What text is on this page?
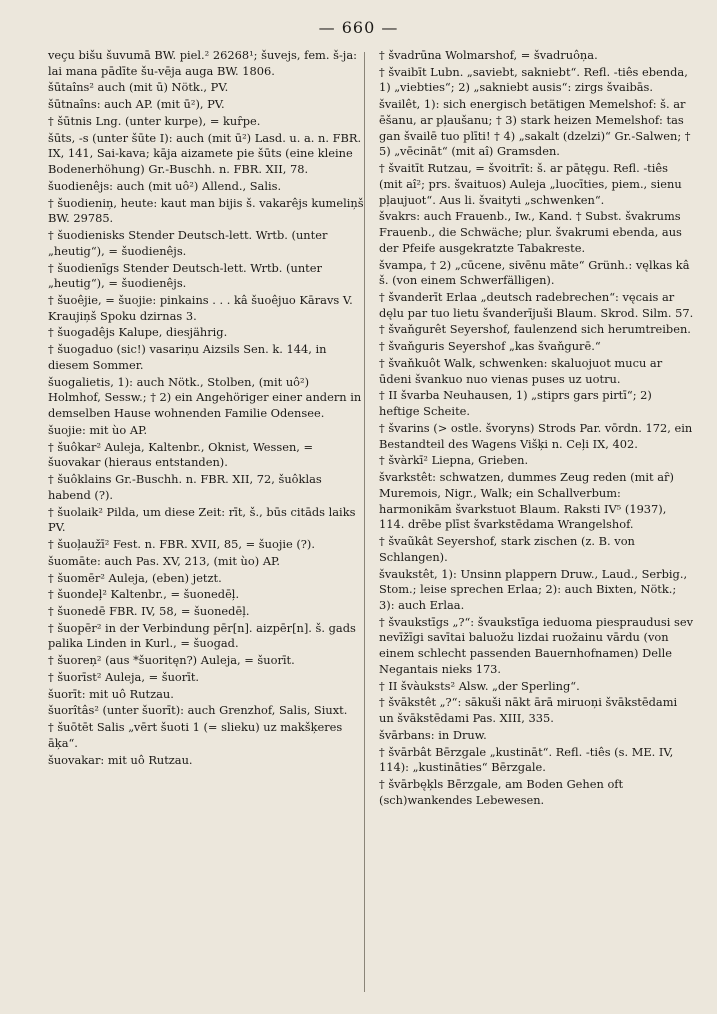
— 660 —

veçu bišu šuvumā BW. piel.² 26268¹; šuvejs, fem. š-ja: lai mana pādīte šu-vēja auga BW. 1806.

šūtaîns² auch (mit ū) Nötk., PV.

šūtnaîns: auch AP. (mit ū²), PV.

† šūtnis Lng. (unter kurpe), = kuȓpe.

šūts, -s (unter šūte I): auch (mit ū²) Lasd. u. a. n. FBR. IX, 141, Sai-kava; kāja aizamete pie šūts (eine kleine Bodenerhöhung) Gr.-Buschh. n. FBR. XII, 78.

šuodienêjs: auch (mit uô²) Allend., Salis.

† šuodieniņ, heute: kaut man bijis š. vakarêjs kumeliņš BW. 29785.

† šuodienisks Stender Deutsch-lett. Wrtb. (unter „heutig“), = šuodienêjs.

† šuodienīgs Stender Deutsch-lett. Wrtb. (unter „heutig“), = šuodienêjs.

† šuoêjie, = šuojie: pinkains . . . kâ šuoêjuo Kāravs V. Krauјiņš Spoku dzirnas 3.

† šuogadêjs Kalupe, diesjährig.

† šuogaduo (sic!) vasariņu Aizsils Sen. k. 144, in diesem Sommer.

šuogalietis, 1): auch Nötk., Stolben, (mit uô²) Holmhof, Sessw.; † 2) ein Angehöriger einer andern in demselben Hause wohnenden Familie Odensee.

šuojie: mit ùo AP.

† šuôkar² Auleja, Kaltenbr., Oknist, Wessen, = šuovakar (hieraus entstanden).

† šuôklains Gr.-Buschh. n. FBR. XII, 72, šuôklas habend (?).

† šuolaik² Pilda, um diese Zeit: rīt, š., būs citāds laiks PV.

† šuoļaužī² Fest. n. FBR. XVII, 85, = šuojie (?).

šuomāte: auch Pas. XV, 213, (mit ùo) AP.

† šuomēr² Auleja, (eben) jetzt.

† šuondeļ² Kaltenbr., = šuonedēļ.

† šuonedē FBR. IV, 58, = šuonedēļ.

† šuopēr² in der Verbindung pēr[n]. aizpēr[n]. š. gads palika Linden in Kurl., = šuogad.

† šuoreņ² (aus *šuoritęn?) Auleja, = šuorīt.

† šuorīst² Auleja, = šuorīt.

šuorīt: mit uô Rutzau.

šuorîtâs² (unter šuorīt): auch Grenzhof, Salis, Siuxt.

† šuōtēt Salis „vērt šuoti 1 (= slieku) uz makšķeres āķa“.

šuovakar: mit uô Rutzau.

† švadrūna Wolmarshof, = švadruôņa.

† švaibīt Lubn. „saviebt, sakniebt“. Refl. -tiês ebenda, 1) „viebties“; 2) „sakniebt ausis“: zirgs švaibās.

švailêt, 1): sich energisch betätigen Memelshof: š. ar ēšanu, ar pļaušanu; † 3) stark heizen Memelshof: tas gan švailē tuo plīti! † 4) „sakalt (dzelzi)“ Gr.-Salwen; † 5) „vēcināt“ (mit aî) Gramsden.

† švaitīt Rutzau, = švoitrīt: š. ar pātęgu. Refl. -tiês (mit aî²; prs. švaituos) Auleja „luocīties, piem., sienu pļaujuot“. Aus li. švaityti „schwenken“.

švakrs: auch Frauenb., Iw., Kand. † Subst. švakrums Frauenb., die Schwäche; plur. švakrumi ebenda, aus der Pfeife ausgekratzte Tabakreste.

švampa, † 2) „cūcene, sivēnu māte“ Grünh.: vęlkas kâ š. (von einem Schwerfälligen).

† švanderīt Erlaa „deutsch radebrechen“: vęcais ar dęlu par tuo lietu švanderījuši Blaum. Skrod. Silm. 57.

† švaňgurêt Seyershof, faulenzend sich herumtreiben.

† švaňguris Seyershof „kas švaňgurē.“

† švaňkuôt Walk, schwenken: skaluojuot mucu ar ūdeni švankuo nuo vienas puses uz uotru.

† II švarba Neuhausen, 1) „stiprs gars pirtī“; 2) heftige Scheite.

† švarins (> ostle. švoryns) Strods Par. vōrdn. 172, ein Bestandteil des Wagens Višķi n. Ceļi IX, 402.

† švàrkī² Liepna, Grieben.

švarkstêt: schwatzen, dummes Zeug reden (mit aȓ) Muremois, Nigr., Walk; ein Schallverbum: harmonikām švarkstuot Blaum. Raksti IV⁵ (1937), 114. drēbe plīst švarkstēdama Wrangelshof.

† švaũkât Seyershof, stark zischen (z. B. von Schlangen).

švaukstêt, 1): Unsinn plappern Druw., Laud., Serbig., Stom.; leise sprechen Erlaa; 2): auch Bixten, Nötk.; 3): auch Erlaa.

† švaukstīgs „?“: švaukstīga ieduoma piespraudusi sev nevīžīgi savītai baluožu lizdai ruožainu vārdu (von einem schlecht passenden Bauernhofnamen) Delle Negantais nieks 173.

† II švàuksts² Alsw. „der Sperling“.

† švākstêt „?“: sākuši nākt ārā miruoņi švākstēdami un švākstēdami Pas. XIII, 335.

švārbans: in Druw.

† švārbât Bērzgale „kustināt“. Refl. -tiês (s. ME. IV, 114): „kustināties“ Bērzgale.

† švārbęķls Bērzgale, am Boden Gehen oft (sch)wankendes Lebewesen.
